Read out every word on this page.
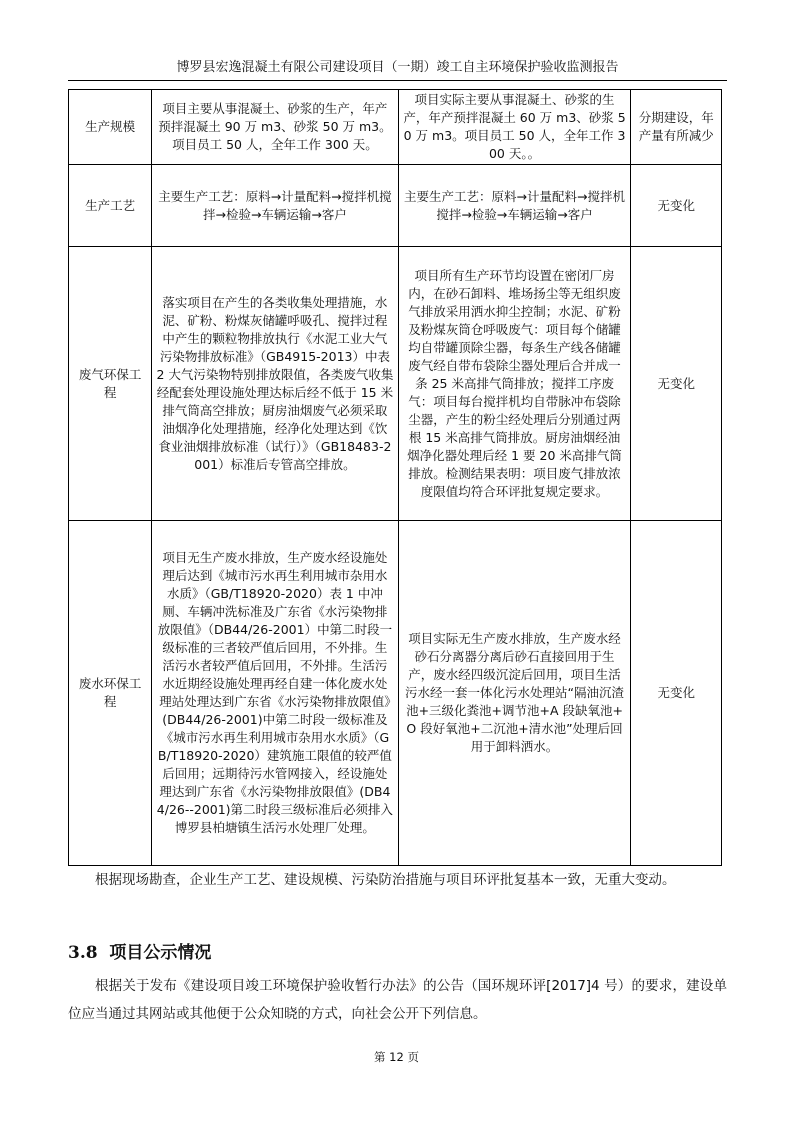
博罗县宏逸混凝土有限公司建设项目（一期）竣工自主环境保护验收监测报告
生产规模	项目主要从事混凝土、砂浆的生产，年产预拌混凝土 90 万 m3、砂浆 50 万 m3。项目员工 50 人，全年工作 300 天。	项目实际主要从事混凝土、砂浆的生产，年产预拌混凝土 60 万 m3、砂浆 50 万 m3。项目员工 50 人，全年工作 300 天。。	分期建设，年产量有所减少
生产工艺	主要生产工艺：原料→计量配料→搅拌机搅拌→检验→车辆运输→客户	主要生产工艺：原料→计量配料→搅拌机搅拌→检验→车辆运输→客户	无变化
废气环保工程	落实项目在产生的各类收集处理措施，水泥、矿粉、粉煤灰储罐呼吸孔、搅拌过程中产生的颗粒物排放执行《水泥工业大气污染物排放标准》（GB4915-2013）中表 2 大气污染物特别排放限值，各类废气收集经配套处理设施处理达标后经不低于 15 米排气筒高空排放；厨房油烟废气必须采取油烟净化处理措施，经净化处理达到《饮食业油烟排放标准（试行）》（GB18483-2001）标准后专管高空排放。	项目所有生产环节均设置在密闭厂房内，在砂石卸料、堆场扬尘等无组织废气排放采用洒水抑尘控制；水泥、矿粉及粉煤灰筒仓呼吸废气：项目每个储罐均自带罐顶除尘器，每条生产线各储罐废气经自带布袋除尘器处理后合并成一条 25 米高排气筒排放；搅拌工序废气：项目每台搅拌机均自带脉冲布袋除尘器，产生的粉尘经处理后分别通过两根 15 米高排气筒排放。厨房油烟经油烟净化器处理后经 1 要 20 米高排气筒排放。检测结果表明：项目废气排放浓度限值均符合环评批复规定要求。	无变化
废水环保工程	项目无生产废水排放，生产废水经设施处理后达到《城市污水再生利用城市杂用水水质》（GB/T18920-2020）表 1 中冲厕、车辆冲洗标准及广东省《水污染物排放限值》（DB44/26-2001）中第二时段一级标准的三者较严值后回用，不外排。生活污水者较严值后回用，不外排。生活污水近期经设施处理再经自建一体化废水处理站处理达到广东省《水污染物排放限值》(DB44/26-2001)中第二时段一级标准及《城市污水再生利用城市杂用水水质》（GB/T18920-2020）建筑施工限值的较严值后回用；远期待污水管网接入，经设施处理达到广东省《水污染物排放限值》(DB44/26--2001)第二时段三级标准后必须排入博罗县柏塘镇生活污水处理厂处理。	项目实际无生产废水排放，生产废水经砂石分离器分离后砂石直接回用于生产，废水经四级沉淀后回用，项目生活污水经一套一体化污水处理站“隔油沉渣池+三级化粪池+调节池+A 段缺氧池+O 段好氧池+二沉池+清水池”处理后回用于卸料洒水。	无变化
根据现场勘查，企业生产工艺、建设规模、污染防治措施与项目环评批复基本一致，无重大变动。
3.8 项目公示情况
根据关于发布《建设项目竣工环境保护验收暂行办法》的公告（国环规环评[2017]4 号）的要求，建设单位应当通过其网站或其他便于公众知晓的方式，向社会公开下列信息。
第 12 页
